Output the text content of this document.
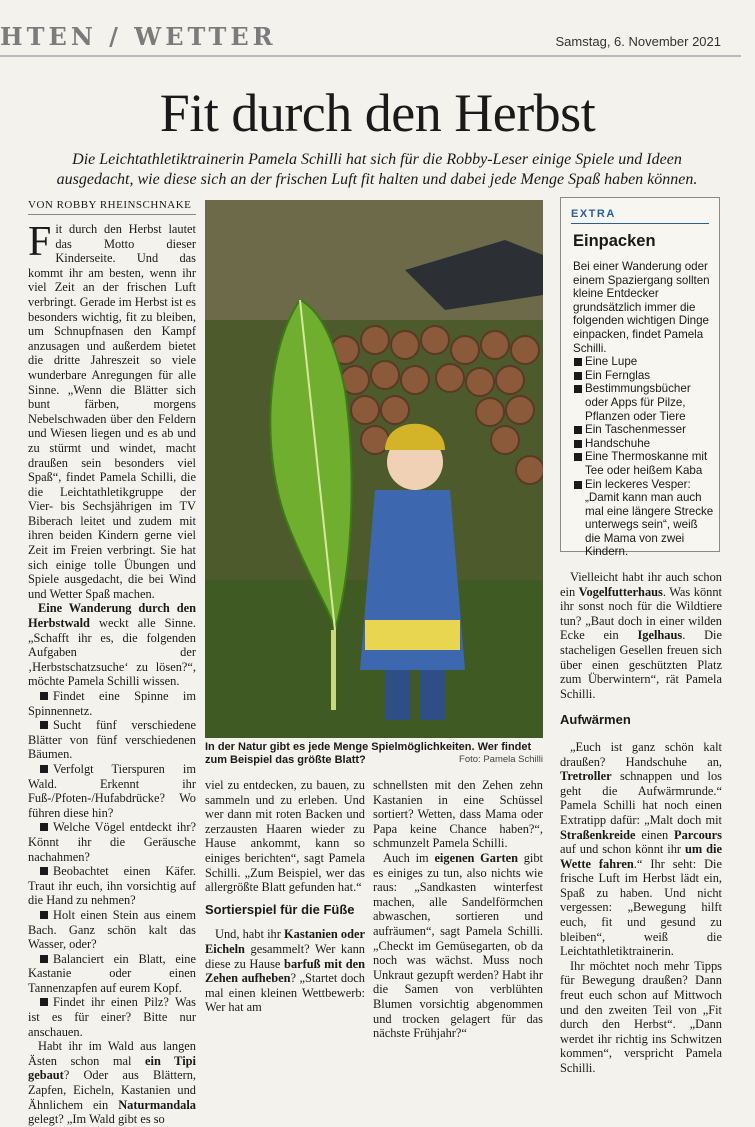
HTEN / WETTER	Samstag, 6. November 2021
Fit durch den Herbst
Die Leichtathletiktrainerin Pamela Schilli hat sich für die Robby-Leser einige Spiele und Ideen ausgedacht, wie diese sich an der frischen Luft fit halten und dabei jede Menge Spaß haben können.
VON ROBBY RHEINSCHNAKE

Fit durch den Herbst lautet das Motto dieser Kinderseite. Und das kommt ihr am besten, wenn ihr viel Zeit an der frischen Luft verbringt. Gerade im Herbst ist es besonders wichtig, fit zu bleiben, um Schnupfnasen den Kampf anzusagen und außerdem bietet die dritte Jahreszeit so viele wunderbare Anregungen für alle Sinne. „Wenn die Blätter sich bunt färben, morgens Nebelschwaden über den Feldern und Wiesen liegen und es ab und zu stürmt und windet, macht draußen sein besonders viel Spaß“, findet Pamela Schilli, die die Leichtathletikgruppe der Vier- bis Sechsjährigen im TV Biberach leitet und zudem mit ihren beiden Kindern gerne viel Zeit im Freien verbringt. Sie hat sich einige tolle Übungen und Spiele ausgedacht, die bei Wind und Wetter Spaß machen.

Eine Wanderung durch den Herbstwald weckt alle Sinne. „Schafft ihr es, die folgenden Aufgaben der ‚Herbstschatzsuche‘ zu lösen?“, möchte Pamela Schilli wissen.

Findet eine Spinne im Spinnennetz.

Sucht fünf verschiedene Blätter von fünf verschiedenen Bäumen.

Verfolgt Tierspuren im Wald. Erkennt ihr Fuß-/Pfoten-/Hufabdrücke? Wo führen diese hin?

Welche Vögel entdeckt ihr? Könnt ihr die Geräusche nachahmen?

Beobachtet einen Käfer. Traut ihr euch, ihn vorsichtig auf die Hand zu nehmen?

Holt einen Stein aus einem Bach. Ganz schön kalt das Wasser, oder?

Balanciert ein Blatt, eine Kastanie oder einen Tannenzapfen auf eurem Kopf.

Findet ihr einen Pilz? Was ist es für einer? Bitte nur anschauen.

Habt ihr im Wald aus langen Ästen schon mal ein Tipi gebaut? Oder aus Blättern, Zapfen, Eicheln, Kastanien und Ähnlichem ein Naturmandala gelegt? „Im Wald gibt es so

In der Natur gibt es jede Menge Spielmöglichkeiten. Wer findet zum Beispiel das größte Blatt?	Foto: Pamela Schilli

viel zu entdecken, zu bauen, zu sammeln und zu erleben. Und wer dann mit roten Backen und zerzausten Haaren wieder zu Hause ankommt, kann so einiges berichten“, sagt Pamela Schilli. „Zum Beispiel, wer das allergrößte Blatt gefunden hat.“

Sortierspiel für die Füße

Und, habt ihr Kastanien oder Eicheln gesammelt? Wer kann diese zu Hause barfuß mit den Zehen aufheben? „Startet doch mal einen kleinen Wettbewerb: Wer hat am

schnellsten mit den Zehen zehn Kastanien in eine Schüssel sortiert? Wetten, dass Mama oder Papa keine Chance haben?“, schmunzelt Pamela Schilli.

Auch im eigenen Garten gibt es einiges zu tun, also nichts wie raus: „Sandkasten winterfest machen, alle Sandelförmchen abwaschen, sortieren und aufräumen“, sagt Pamela Schilli. „Checkt im Gemüsegarten, ob da noch was wächst. Muss noch Unkraut gezupft werden? Habt ihr die Samen von verblühten Blumen vorsichtig abgenommen und trocken gelagert für das nächste Frühjahr?“

EXTRA
Einpacken
Bei einer Wanderung oder einem Spaziergang sollten kleine Entdecker grundsätzlich immer die folgenden wichtigen Dinge einpacken, findet Pamela Schilli.
Eine Lupe
Ein Fernglas
Bestimmungsbücher oder Apps für Pilze, Pflanzen oder Tiere
Ein Taschenmesser
Handschuhe
Eine Thermoskanne mit Tee oder heißem Kaba
Ein leckeres Vesper: „Damit kann man auch mal eine längere Strecke unterwegs sein“, weiß die Mama von zwei Kindern.

Vielleicht habt ihr auch schon ein Vogelfutterhaus. Was könnt ihr sonst noch für die Wildtiere tun? „Baut doch in einer wilden Ecke ein Igelhaus. Die stacheligen Gesellen freuen sich über einen geschützten Platz zum Überwintern“, rät Pamela Schilli.

Aufwärmen

„Euch ist ganz schön kalt draußen? Handschuhe an, Tretroller schnappen und los geht die Aufwärmrunde.“ Pamela Schilli hat noch einen Extratipp dafür: „Malt doch mit Straßenkreide einen Parcours auf und schon könnt ihr um die Wette fahren.“ Ihr seht: Die frische Luft im Herbst lädt ein, Spaß zu haben. Und nicht vergessen: „Bewegung hilft euch, fit und gesund zu bleiben“, weiß die Leichtathletiktrainerin.

Ihr möchtet noch mehr Tipps für Bewegung draußen? Dann freut euch schon auf Mittwoch und den zweiten Teil von „Fit durch den Herbst“. „Dann werdet ihr richtig ins Schwitzen kommen“, verspricht Pamela Schilli.
